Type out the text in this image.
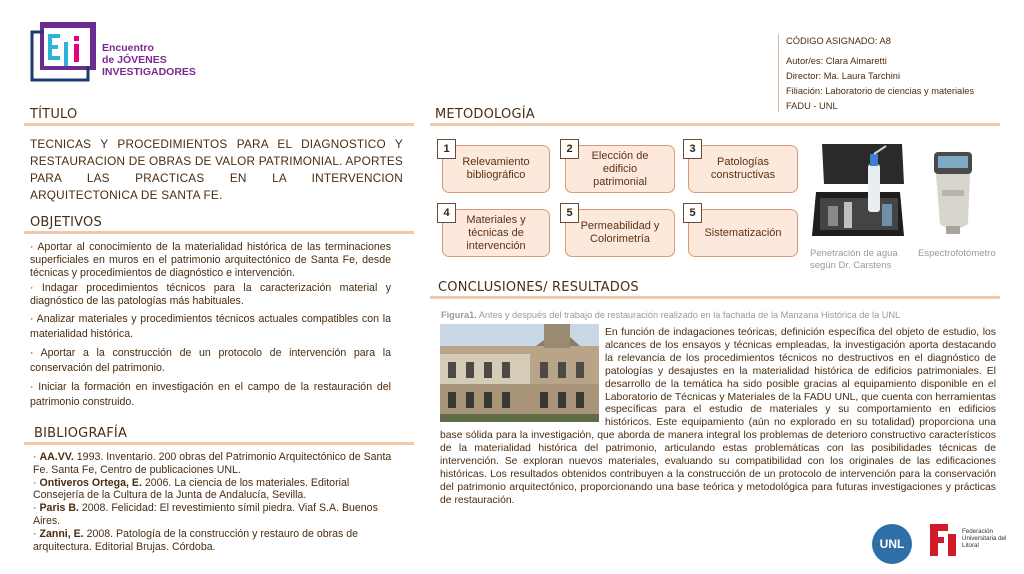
Encuentro
de JÓVENES
INVESTIGADORES
CÓDIGO ASIGNADO: A8
Autor/es: Clara Aimaretti
Director: Ma. Laura Tarchini
Filiación: Laboratorio de ciencias y materiales
FADU - UNL
TÍTULO
TECNICAS Y PROCEDIMIENTOS PARA EL DIAGNOSTICO Y RESTAURACION DE OBRAS DE VALOR PATRIMONIAL. APORTES PARA LAS PRACTICAS EN LA INTERVENCION ARQUITECTONICA DE SANTA FE.
OBJETIVOS
· Aportar al conocimiento de la materialidad histórica de las terminaciones superficiales en muros en el patrimonio arquitectónico de Santa Fe, desde técnicas y procedimientos de diagnóstico e intervención.
· Indagar procedimientos técnicos para la caracterización material y diagnóstico de las patologías más habituales.
· Analizar materiales y procedimientos técnicos actuales compatibles con la materialidad histórica.
· Aportar a la construcción de un protocolo de intervención para la conservación del patrimonio.
· Iniciar la formación en investigación en el campo de la restauración del patrimonio construido.
BIBLIOGRAFÍA
· AA.VV. 1993. Inventario. 200 obras del Patrimonio Arquitectónico de Santa Fe. Santa Fe, Centro de publicaciones UNL.
· Ontiveros Ortega, E. 2006. La ciencia de los materiales. Editorial Consejería de la Cultura de la Junta de Andalucía, Sevilla.
· Paris B. 2008. Felicidad: El revestimiento símil piedra. Viaf S.A. Buenos Aires.
· Zanni, E. 2008. Patología de la construcción y restauro de obras de arquitectura. Editorial Brujas. Córdoba.
METODOLOGÍA
Relevamiento bibliográfico
1
Elección de edificio patrimonial
2
Patologías constructivas
3
Materiales y técnicas de intervención
4
Permeabilidad y Colorimetría
5
Sistematización
5
Penetración de agua según Dr. Carstens
Espectrofotómetro
CONCLUSIONES/ RESULTADOS
Figura1. Antes y después del trabajo de restauración realizado en la fachada de la Manzana Histórica de la UNL
En función de indagaciones teóricas, definición específica del objeto de estudio, los alcances de los ensayos y técnicas empleadas, la investigación aporta destacando la relevancia de los procedimientos técnicos no destructivos en el diagnóstico de patologías y desajustes en la materialidad histórica de edificios patrimoniales. El desarrollo de la temática ha sido posible gracias al equipamiento disponible en el Laboratorio de Técnicas y Materiales de la FADU UNL, que cuenta con herramientas específicas para el estudio de materiales y su comportamiento en edificios históricos. Este equipamiento (aún no explorado en su totalidad) proporciona una base sólida para la investigación, que aborda de manera integral los problemas de deterioro constructivo característicos de la materialidad histórica del patrimonio, articulando estas problemáticas con las posibilidades técnicas de intervención. Se exploran nuevos materiales, evaluando su compatibilidad con los originales de las edificaciones históricas. Los resultados obtenidos contribuyen a la construcción de un protocolo de intervención para la conservación del patrimonio arquitectónico, proporcionando una base teórica y metodológica para futuras investigaciones y prácticas de restauración.
UNL
Federación Universitaria del Litoral
